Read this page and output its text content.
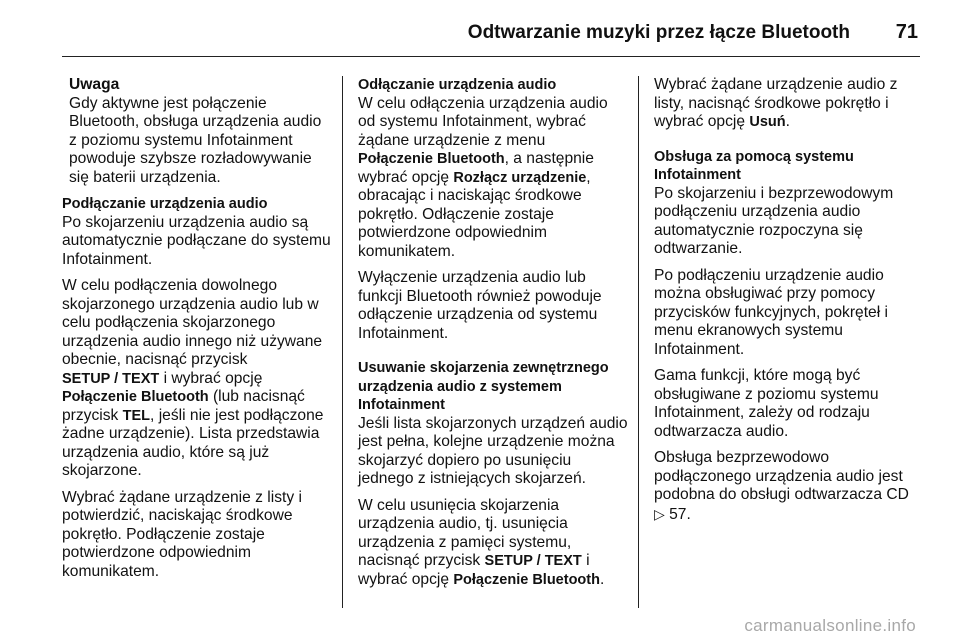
Odtwarzanie muzyki przez łącze Bluetooth 71
Uwaga
Gdy aktywne jest połączenie Bluetooth, obsługa urządzenia audio z poziomu systemu Infotainment powoduje szybsze rozładowywanie się baterii urządzenia.
Podłączanie urządzenia audio

Po skojarzeniu urządzenia audio są automatycznie podłączane do systemu Infotainment.

W celu podłączenia dowolnego skojarzonego urządzenia audio lub w celu podłączenia skojarzonego urządzenia audio innego niż używane obecnie, nacisnąć przycisk
SETUP / TEXT i wybrać opcję
Połączenie Bluetooth (lub nacisnąć przycisk TEL, jeśli nie jest podłączone żadne urządzenie). Lista przedstawia urządzenia audio, które są już skojarzone.

Wybrać żądane urządzenie z listy i potwierdzić, naciskając środkowe pokrętło. Podłączenie zostaje potwierdzone odpowiednim komunikatem.

Odłączanie urządzenia audio

W celu odłączenia urządzenia audio od systemu Infotainment, wybrać żądane urządzenie z menu
Połączenie Bluetooth, a następnie wybrać opcję Rozłącz urządzenie, obracając i naciskając środkowe pokrętło. Odłączenie zostaje potwierdzone odpowiednim komunikatem.

Wyłączenie urządzenia audio lub funkcji Bluetooth również powoduje odłączenie urządzenia od systemu Infotainment.

Usuwanie skojarzenia zewnętrznego urządzenia audio z systemem Infotainment

Jeśli lista skojarzonych urządzeń audio jest pełna, kolejne urządzenie można skojarzyć dopiero po usunięciu jednego z istniejących skojarzeń.

W celu usunięcia skojarzenia urządzenia audio, tj. usunięcia urządzenia z pamięci systemu, nacisnąć przycisk SETUP / TEXT i wybrać opcję Połączenie Bluetooth.

Wybrać żądane urządzenie audio z listy, nacisnąć środkowe pokrętło i wybrać opcję Usuń.

Obsługa za pomocą systemu Infotainment

Po skojarzeniu i bezprzewodowym podłączeniu urządzenia audio automatycznie rozpoczyna się odtwarzanie.

Po podłączeniu urządzenie audio można obsługiwać przy pomocy przycisków funkcyjnych, pokręteł i menu ekranowych systemu Infotainment.

Gama funkcji, które mogą być obsługiwane z poziomu systemu Infotainment, zależy od rodzaju odtwarzacza audio.

Obsługa bezprzewodowo podłączonego urządzenia audio jest podobna do obsługi odtwarzacza CD
▷ 57.

carmanualsonline.info
